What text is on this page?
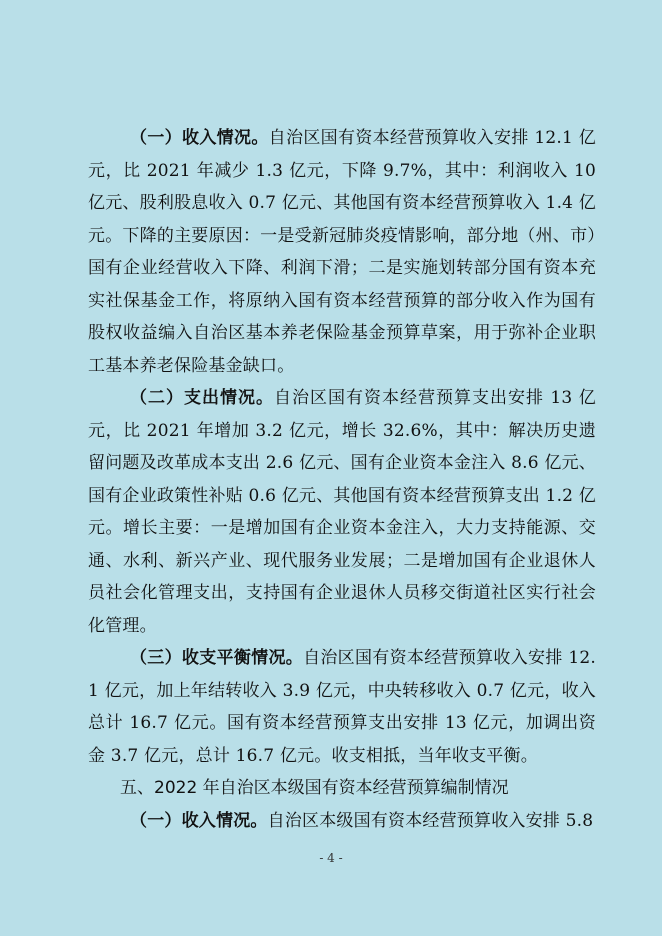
（一）收入情况。自治区国有资本经营预算收入安排 12.1 亿元，比 2021 年减少 1.3 亿元，下降 9.7%，其中：利润收入 10 亿元、股利股息收入 0.7 亿元、其他国有资本经营预算收入 1.4 亿元。下降的主要原因：一是受新冠肺炎疫情影响，部分地（州、市）国有企业经营收入下降、利润下滑；二是实施划转部分国有资本充实社保基金工作，将原纳入国有资本经营预算的部分收入作为国有股权收益编入自治区基本养老保险基金预算草案，用于弥补企业职工基本养老保险基金缺口。

（二）支出情况。自治区国有资本经营预算支出安排 13 亿元，比 2021 年增加 3.2 亿元，增长 32.6%，其中：解决历史遗留问题及改革成本支出 2.6 亿元、国有企业资本金注入 8.6 亿元、国有企业政策性补贴 0.6 亿元、其他国有资本经营预算支出 1.2 亿元。增长主要：一是增加国有企业资本金注入，大力支持能源、交通、水利、新兴产业、现代服务业发展；二是增加国有企业退休人员社会化管理支出，支持国有企业退休人员移交街道社区实行社会化管理。

（三）收支平衡情况。自治区国有资本经营预算收入安排 12.1 亿元，加上年结转收入 3.9 亿元，中央转移收入 0.7 亿元，收入总计 16.7 亿元。国有资本经营预算支出安排 13 亿元，加调出资金 3.7 亿元，总计 16.7 亿元。收支相抵，当年收支平衡。

五、2022 年自治区本级国有资本经营预算编制情况

（一）收入情况。自治区本级国有资本经营预算收入安排 5.8

- 4 -
